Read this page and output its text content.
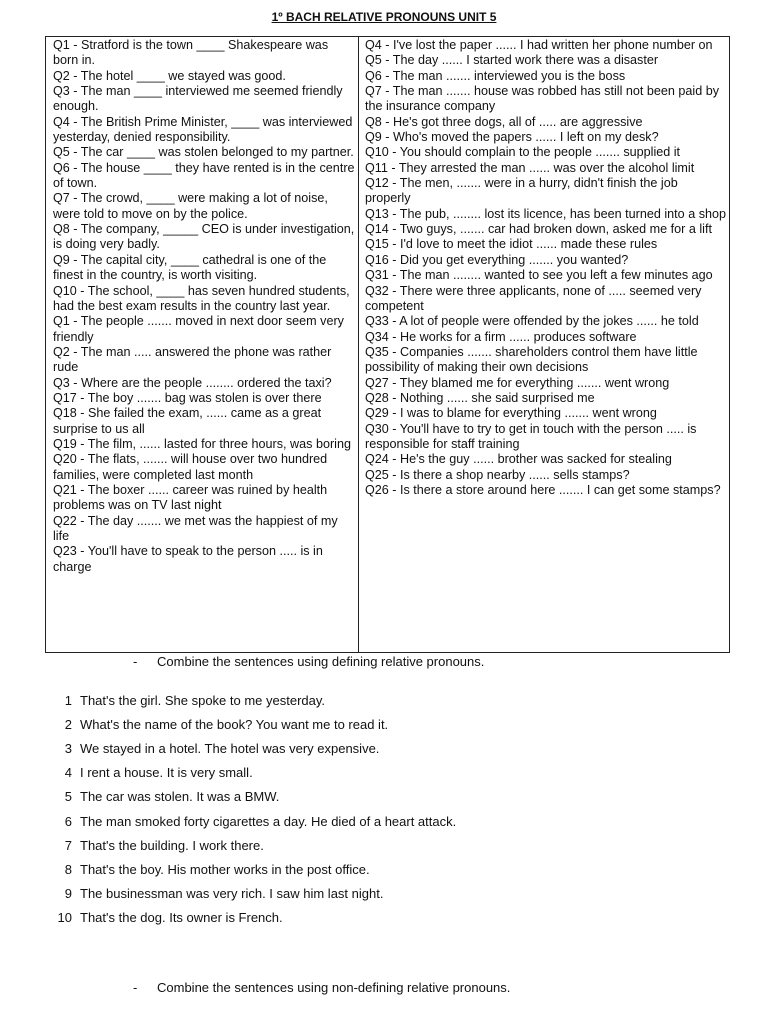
1º BACH RELATIVE PRONOUNS UNIT 5

Q1 - Stratford is the town ____ Shakespeare was born in.

Q2 - The hotel ____ we stayed was good.

Q3 - The man ____ interviewed me seemed friendly enough.

Q4 - The British Prime Minister, ____ was interviewed yesterday, denied responsibility.

Q5 - The car ____ was stolen belonged to my partner.

Q6 - The house ____ they have rented is in the centre of town.

Q7 - The crowd, ____ were making a lot of noise, were told to move on by the police.

Q8 - The company, _____ CEO is under investigation, is doing very badly.

Q9 - The capital city, ____ cathedral is one of the finest in the country, is worth visiting.

Q10 - The school, ____ has seven hundred students, had the best exam results in the country last year.

Q1 - The people ....... moved in next door seem very friendly

Q2 - The man ..... answered the phone was rather rude

Q3 - Where are the people ........ ordered the taxi?

Q17 - The boy ....... bag was stolen is over there

Q18 - She failed the exam, ...... came as a great surprise to us all

Q19 - The film, ...... lasted for three hours, was boring

Q20 - The flats, ....... will house over two hundred families, were completed last month

Q21 - The boxer ...... career was ruined by health problems was on TV last night

Q22 - The day ....... we met was the happiest of my life

Q23 - You'll have to speak to the person ..... is in charge

Q4 - I've lost the paper ...... I had written her phone number on

Q5 - The day ...... I started work there was a disaster

Q6 - The man ....... interviewed you is the boss

Q7 - The man ....... house was robbed has still not been paid by the insurance company

Q8 - He's got three dogs, all of ..... are aggressive

Q9 - Who's moved the papers ...... I left on my desk?

Q10 - You should complain to the people ....... supplied it

Q11 - They arrested the man ...... was over the alcohol limit

Q12 - The men, ....... were in a hurry, didn't finish the job properly

Q13 - The pub, ........ lost its licence, has been turned into a shop

Q14 - Two guys, ....... car had broken down, asked me for a lift

Q15 - I'd love to meet the idiot ...... made these rules

Q16 - Did you get everything ....... you wanted?

Q31 - The man ........ wanted to see you left a few minutes ago

Q32 - There were three applicants, none of ..... seemed very competent

Q33 - A lot of people were offended by the jokes ...... he told

Q34 - He works for a firm ...... produces software

Q35 - Companies ....... shareholders control them have little possibility of making their own decisions

Q27 - They blamed me for everything ....... went wrong

Q28 - Nothing ...... she said surprised me

Q29 - I was to blame for everything ....... went wrong

Q30 - You'll have to try to get in touch with the person ..... is responsible for staff training

Q24 - He's the guy ...... brother was sacked for stealing

Q25 - Is there a shop nearby ...... sells stamps?

Q26 - Is there a store around here ....... I can get some stamps?

- Combine the sentences using defining relative pronouns.
1 That's the girl. She spoke to me yesterday.
2 What's the name of the book? You want me to read it.
3 We stayed in a hotel. The hotel was very expensive.
4 I rent a house. It is very small.
5 The car was stolen. It was a BMW.
6 The man smoked forty cigarettes a day. He died of a heart attack.
7 That's the building. I work there.
8 That's the boy. His mother works in the post office.
9 The businessman was very rich. I saw him last night.
10 That's the dog. Its owner is French.
- Combine the sentences using non-defining relative pronouns.
